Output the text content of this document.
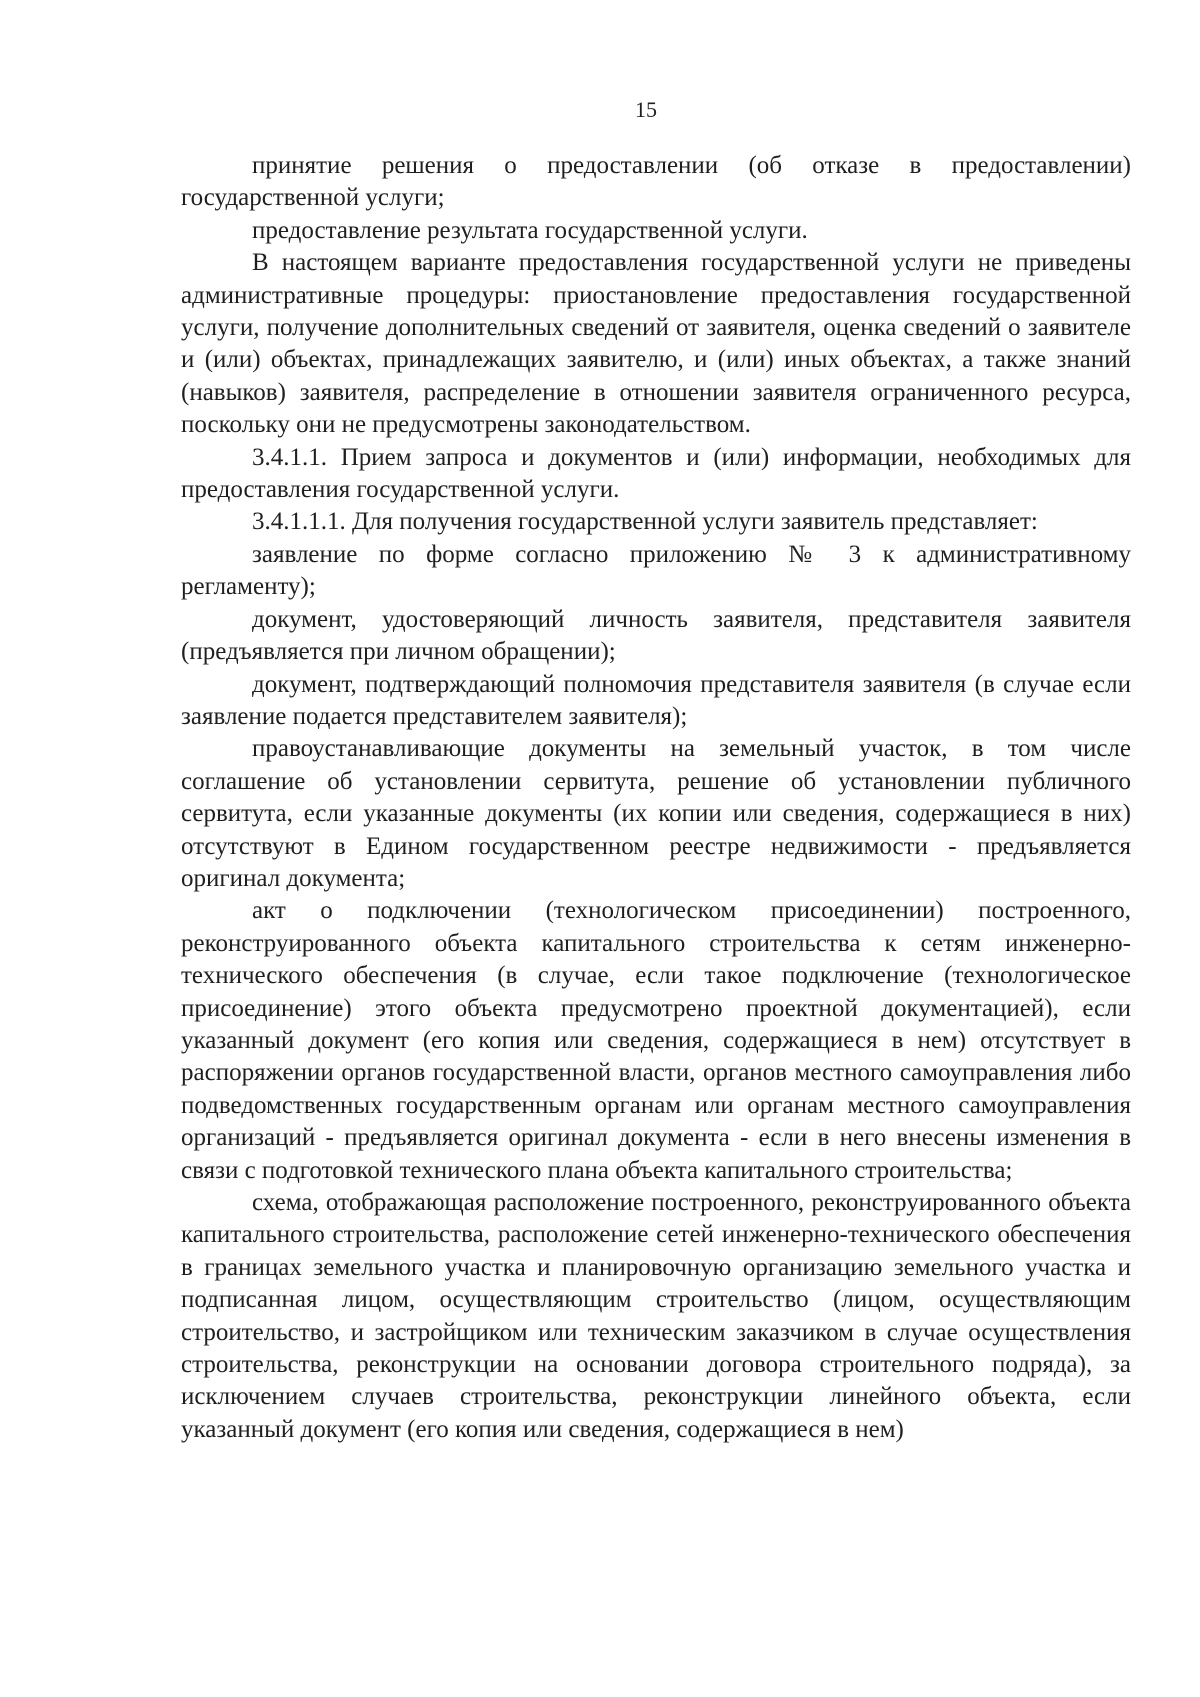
15

принятие решения о предоставлении (об отказе в предоставлении) государственной услуги;

предоставление результата государственной услуги.

В настоящем варианте предоставления государственной услуги не приведены административные процедуры: приостановление предоставления государственной услуги, получение дополнительных сведений от заявителя, оценка сведений о заявителе и (или) объектах, принадлежащих заявителю, и (или) иных объектах, а также знаний (навыков) заявителя, распределение в отношении заявителя ограниченного ресурса, поскольку они не предусмотрены законодательством.

3.4.1.1. Прием запроса и документов и (или) информации, необходимых для предоставления государственной услуги.

3.4.1.1.1. Для получения государственной услуги заявитель представляет:

заявление по форме согласно приложению № 3 к административному регламенту);

документ, удостоверяющий личность заявителя, представителя заявителя (предъявляется при личном обращении);

документ, подтверждающий полномочия представителя заявителя (в случае если заявление подается представителем заявителя);

правоустанавливающие документы на земельный участок, в том числе соглашение об установлении сервитута, решение об установлении публичного сервитута, если указанные документы (их копии или сведения, содержащиеся в них) отсутствуют в Едином государственном реестре недвижимости - предъявляется оригинал документа;

акт о подключении (технологическом присоединении) построенного, реконструированного объекта капитального строительства к сетям инженерно-технического обеспечения (в случае, если такое подключение (технологическое присоединение) этого объекта предусмотрено проектной документацией), если указанный документ (его копия или сведения, содержащиеся в нем) отсутствует в распоряжении органов государственной власти, органов местного самоуправления либо подведомственных государственным органам или органам местного самоуправления организаций - предъявляется оригинал документа - если в него внесены изменения в связи с подготовкой технического плана объекта капитального строительства;

схема, отображающая расположение построенного, реконструированного объекта капитального строительства, расположение сетей инженерно-технического обеспечения в границах земельного участка и планировочную организацию земельного участка и подписанная лицом, осуществляющим строительство (лицом, осуществляющим строительство, и застройщиком или техническим заказчиком в случае осуществления строительства, реконструкции на основании договора строительного подряда), за исключением случаев строительства, реконструкции линейного объекта, если указанный документ (его копия или сведения, содержащиеся в нем)
